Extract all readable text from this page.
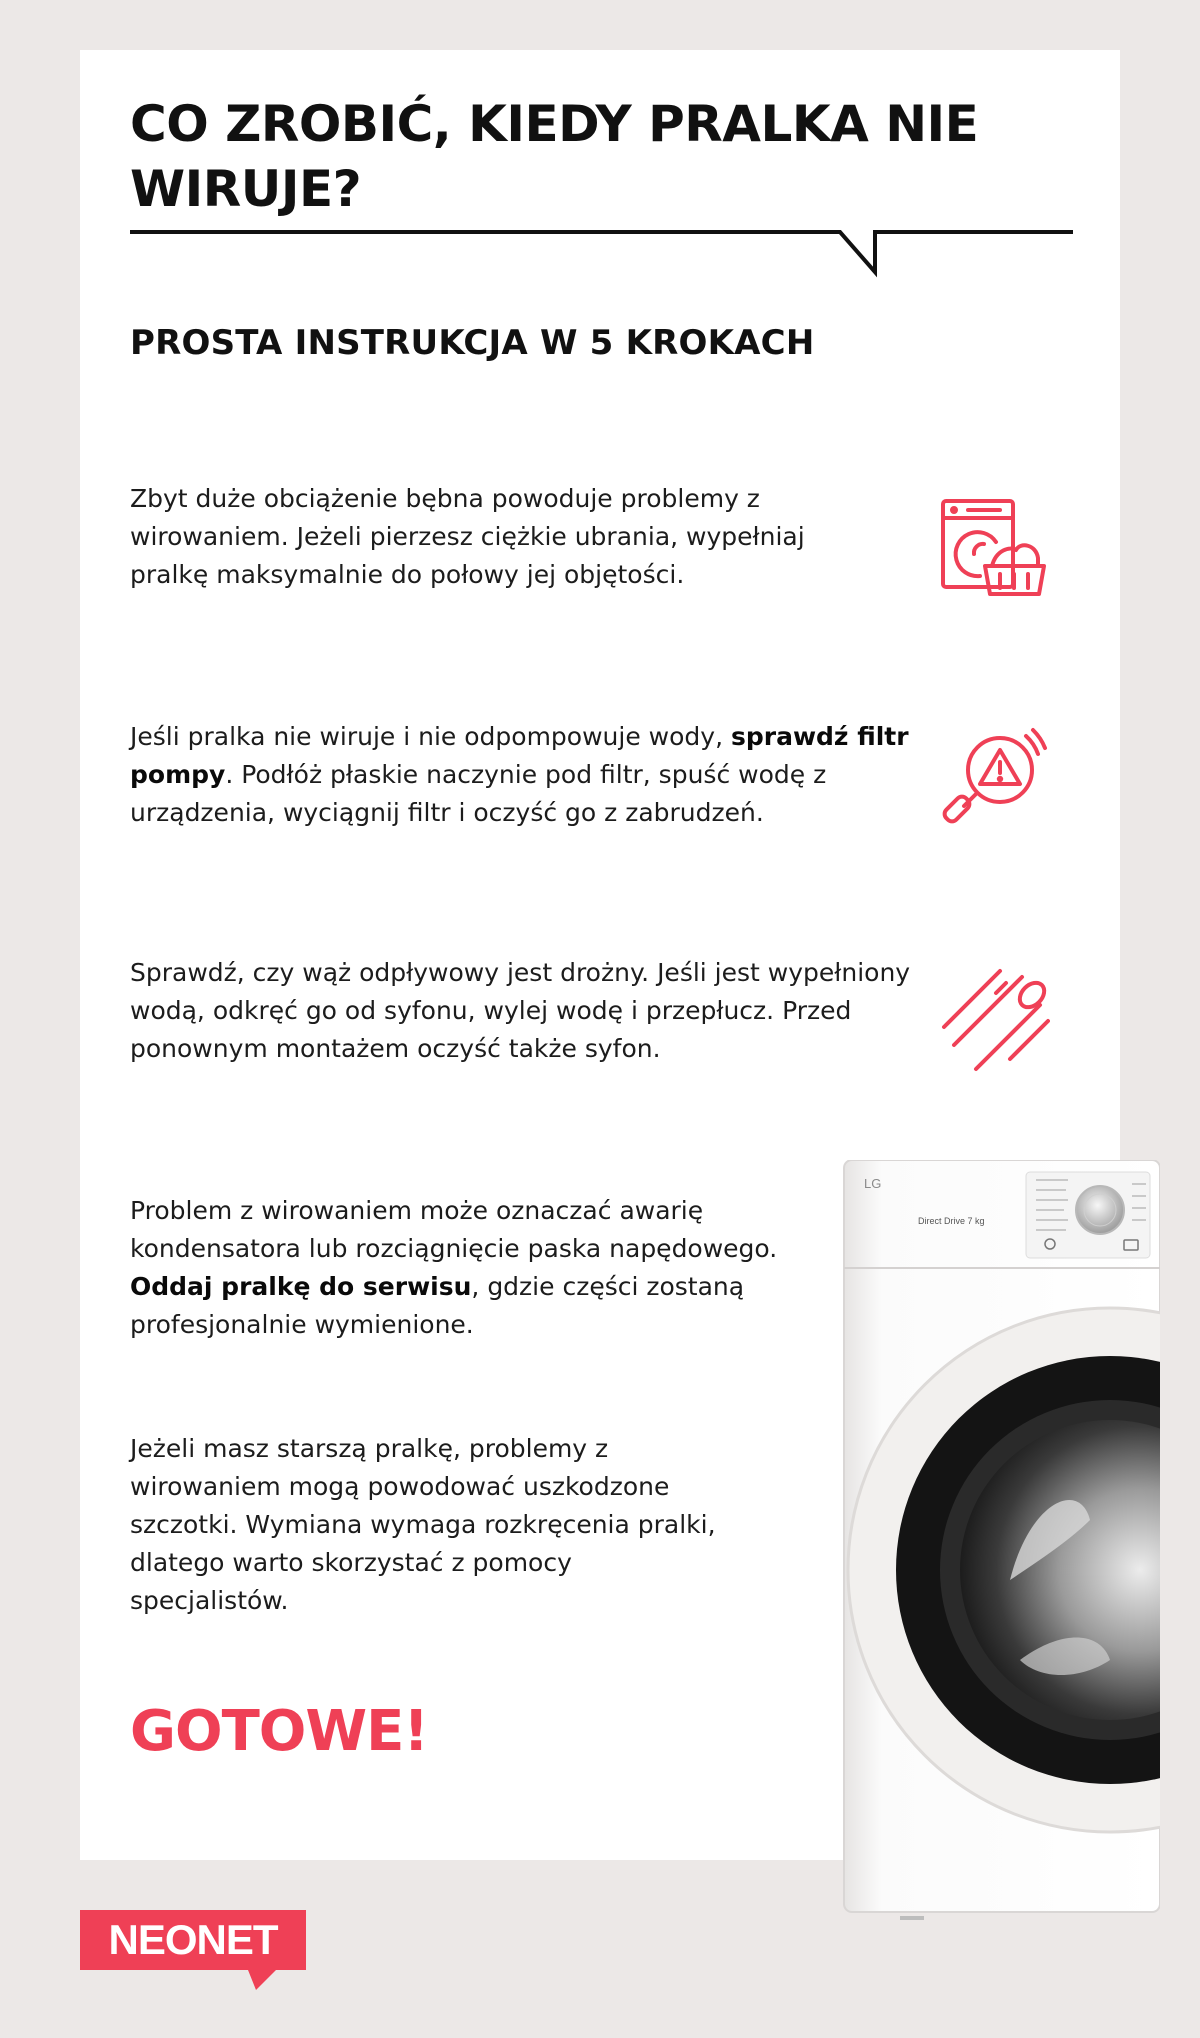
CO ZROBIĆ, KIEDY PRALKA NIE WIRUJE?
PROSTA INSTRUKCJA W 5 KROKACH

Zbyt duże obciążenie bębna powoduje problemy z wirowaniem. Jeżeli pierzesz ciężkie ubrania, wypełniaj pralkę maksymalnie do połowy jej objętości.

Jeśli pralka nie wiruje i nie odpompowuje wody, sprawdź filtr pompy. Podłóż płaskie naczynie pod filtr, spuść wodę z urządzenia, wyciągnij filtr i oczyść go z zabrudzeń.

Sprawdź, czy wąż odpływowy jest drożny. Jeśli jest wypełniony wodą, odkręć go od syfonu, wylej wodę i przepłucz. Przed ponownym montażem oczyść także syfon.

Problem z wirowaniem może oznaczać awarię kondensatora lub rozciągnięcie paska napędowego. Oddaj pralkę do serwisu, gdzie części zostaną profesjonalnie wymienione.

Jeżeli masz starszą pralkę, problemy z wirowaniem mogą powodować uszkodzone szczotki. Wymiana wymaga rozkręcenia pralki, dlatego warto skorzystać z pomocy specjalistów.

GOTOWE!

LG
Direct Drive 7 kg
NEONET
